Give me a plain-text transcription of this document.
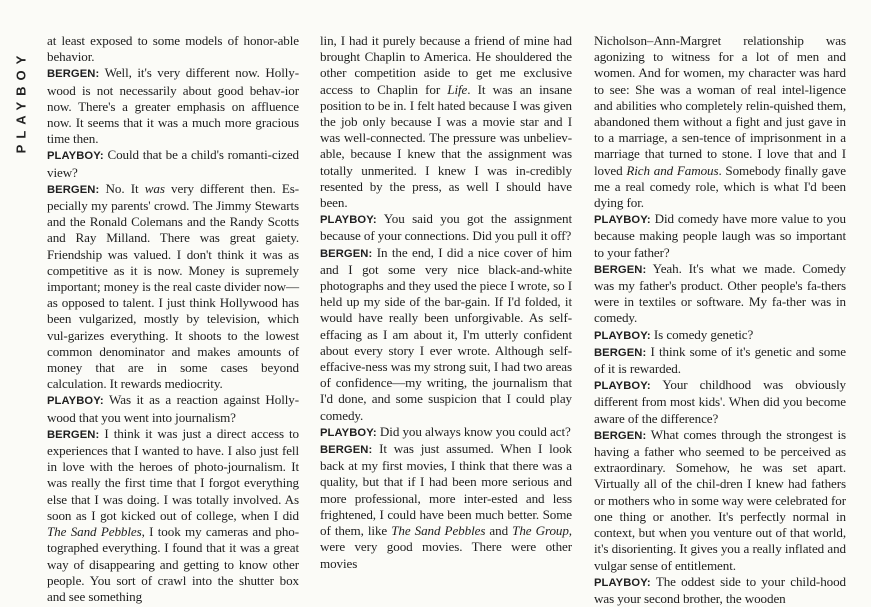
PLAYBOY

at least exposed to some models of honor-able behavior.

BERGEN: Well, it's very different now. Holly-wood is not necessarily about good behav-ior now. There's a greater emphasis on affluence now. It seems that it was a much more gracious time then.

PLAYBOY: Could that be a child's romanti-cized view?

BERGEN: No. It was very different then. Es-pecially my parents' crowd. The Jimmy Stewarts and the Ronald Colemans and the Randy Scotts and Ray Milland. There was great gaiety. Friendship was valued. I don't think it was as competitive as it is now. Money is supremely important; money is the real caste divider now—as opposed to talent. I just think Hollywood has been vulgarized, mostly by television, which vul-garizes everything. It shoots to the lowest common denominator and makes amounts of money that are in some cases beyond calculation. It rewards mediocrity.

PLAYBOY: Was it as a reaction against Holly-wood that you went into journalism?

BERGEN: I think it was just a direct access to experiences that I wanted to have. I also just fell in love with the heroes of photo-journalism. It was really the first time that I forgot everything else that I was doing. I was totally involved. As soon as I got kicked out of college, when I did The Sand Pebbles, I took my cameras and pho-tographed everything. I found that it was a great way of disappearing and getting to know other people. You sort of crawl into the shutter box and see something

lin, I had it purely because a friend of mine had brought Chaplin to America. He shouldered the other competition aside to get me exclusive access to Chaplin for Life. It was an insane position to be in. I felt hated because I was given the job only because I was a movie star and I was well-connected. The pressure was unbeliev-able, because I knew that the assignment was totally unmerited. I knew I was in-credibly resented by the press, as well I should have been.

PLAYBOY: You said you got the assignment because of your connections. Did you pull it off?

BERGEN: In the end, I did a nice cover of him and I got some very nice black-and-white photographs and they used the piece I wrote, so I held up my side of the bar-gain. If I'd folded, it would have really been unforgivable. As self-effacing as I am about it, I'm utterly confident about every story I ever wrote. Although self-effacive-ness was my strong suit, I had two areas of confidence—my writing, the journalism that I'd done, and some suspicion that I could play comedy.

PLAYBOY: Did you always know you could act?

BERGEN: It was just assumed. When I look back at my first movies, I think that there was a quality, but that if I had been more serious and more professional, more inter-ested and less frightened, I could have been much better. Some of them, like The Sand Pebbles and The Group, were very good movies. There were other movies

Nicholson–Ann-Margret relationship was agonizing to witness for a lot of men and women. And for women, my character was hard to see: She was a woman of real intel-ligence and abilities who completely relin-quished them, abandoned them without a fight and just gave in to a marriage, a sen-tence of imprisonment in a marriage that turned to stone. I love that and I loved Rich and Famous. Somebody finally gave me a real comedy role, which is what I'd been dying for.

PLAYBOY: Did comedy have more value to you because making people laugh was so important to your father?

BERGEN: Yeah. It's what we made. Comedy was my father's product. Other people's fa-thers were in textiles or software. My fa-ther was in comedy.

PLAYBOY: Is comedy genetic?

BERGEN: I think some of it's genetic and some of it is rewarded.

PLAYBOY: Your childhood was obviously different from most kids'. When did you become aware of the difference?

BERGEN: What comes through the strongest is having a father who seemed to be perceived as extraordinary. Somehow, he was set apart. Virtually all of the chil-dren I knew had fathers or mothers who in some way were celebrated for one thing or another. It's perfectly normal in context, but when you venture out of that world, it's disorienting. It gives you a really inflated and vulgar sense of entitlement.

PLAYBOY: The oddest side to your child-hood was your second brother, the wooden
